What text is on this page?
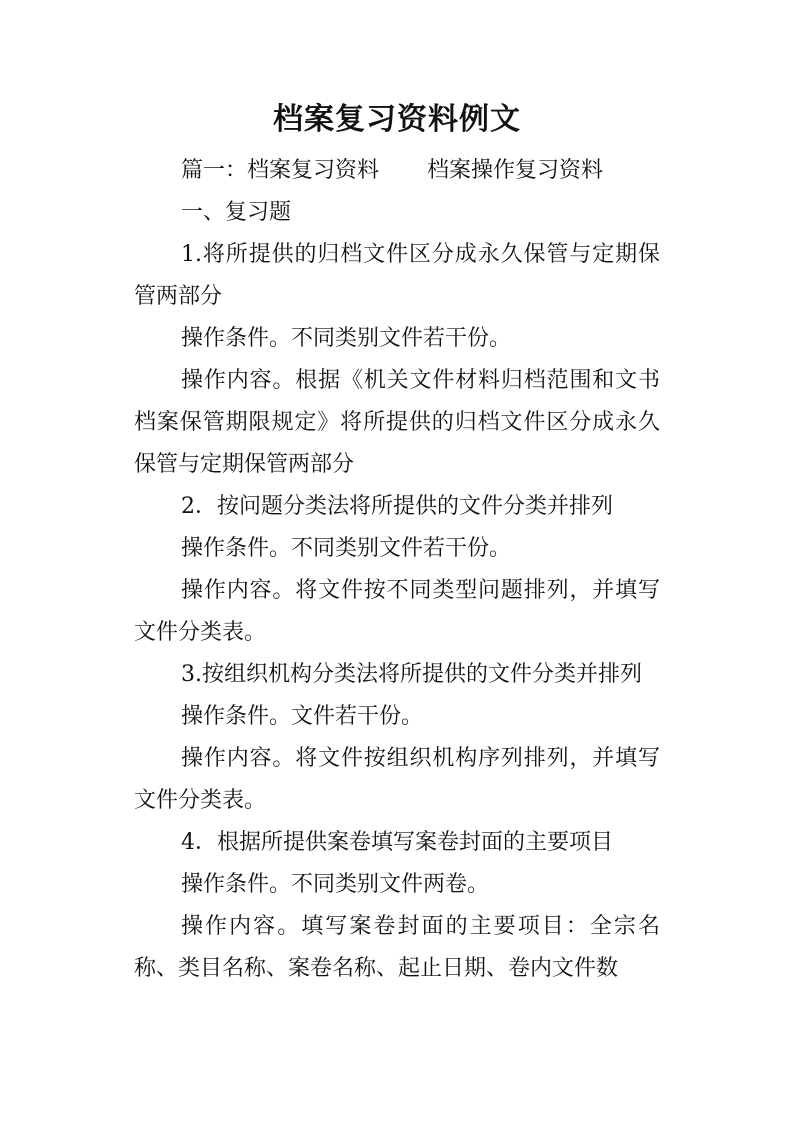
档案复习资料例文

篇一：档案复习资料 档案操作复习资料

一、复习题

1.将所提供的归档文件区分成永久保管与定期保管两部分

操作条件。不同类别文件若干份。

操作内容。根据《机关文件材料归档范围和文书档案保管期限规定》将所提供的归档文件区分成永久保管与定期保管两部分

2．按问题分类法将所提供的文件分类并排列

操作条件。不同类别文件若干份。

操作内容。将文件按不同类型问题排列，并填写文件分类表。

3.按组织机构分类法将所提供的文件分类并排列

操作条件。文件若干份。

操作内容。将文件按组织机构序列排列，并填写文件分类表。

4．根据所提供案卷填写案卷封面的主要项目

操作条件。不同类别文件两卷。

操作内容。填写案卷封面的主要项目：全宗名称、类目名称、案卷名称、起止日期、卷内文件数
